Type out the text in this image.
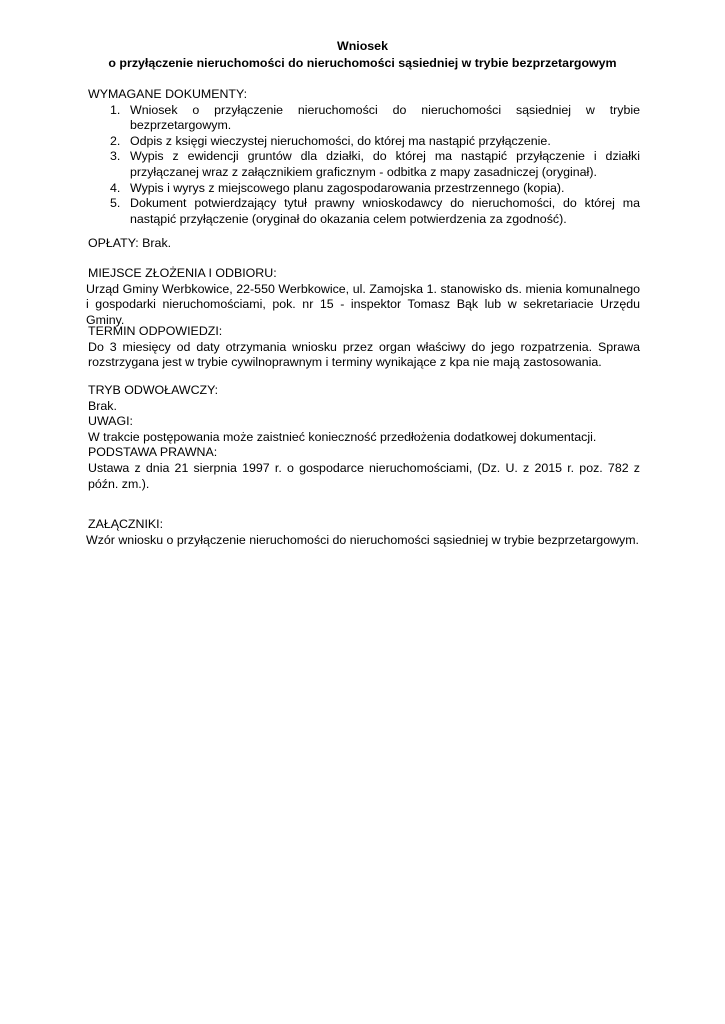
Wniosek
o przyłączenie nieruchomości do nieruchomości sąsiedniej w trybie bezprzetargowym
WYMAGANE DOKUMENTY:
1. Wniosek o przyłączenie nieruchomości do nieruchomości sąsiedniej w trybie bezprzetargowym.
2. Odpis z księgi wieczystej nieruchomości, do której ma nastąpić przyłączenie.
3. Wypis z ewidencji gruntów dla działki, do której ma nastąpić przyłączenie i działki przyłączanej wraz z załącznikiem graficznym - odbitka z mapy zasadniczej (oryginał).
4. Wypis i wyrys z miejscowego planu zagospodarowania przestrzennego (kopia).
5. Dokument potwierdzający tytuł prawny wnioskodawcy do nieruchomości, do której ma nastąpić przyłączenie (oryginał do okazania celem potwierdzenia za zgodność).
OPŁATY: Brak.
MIEJSCE ZŁOŻENIA I ODBIORU:
Urząd Gminy Werbkowice, 22-550 Werbkowice, ul. Zamojska 1. stanowisko ds. mienia komunalnego i gospodarki nieruchomościami, pok. nr 15 - inspektor Tomasz Bąk lub w sekretariacie Urzędu Gminy.
TERMIN ODPOWIEDZI:
Do 3 miesięcy od daty otrzymania wniosku przez organ właściwy do jego rozpatrzenia. Sprawa rozstrzygana jest w trybie cywilnoprawnym i terminy wynikające z kpa nie mają zastosowania.
TRYB ODWOŁAWCZY:
Brak.
UWAGI:
W trakcie postępowania może zaistnieć konieczność przedłożenia dodatkowej dokumentacji.
PODSTAWA PRAWNA:
Ustawa z dnia 21 sierpnia 1997 r. o gospodarce nieruchomościami, (Dz. U. z 2015 r. poz. 782 z późn. zm.).
ZAŁĄCZNIKI:
Wzór wniosku o przyłączenie nieruchomości do nieruchomości sąsiedniej w trybie bezprzetargowym.
